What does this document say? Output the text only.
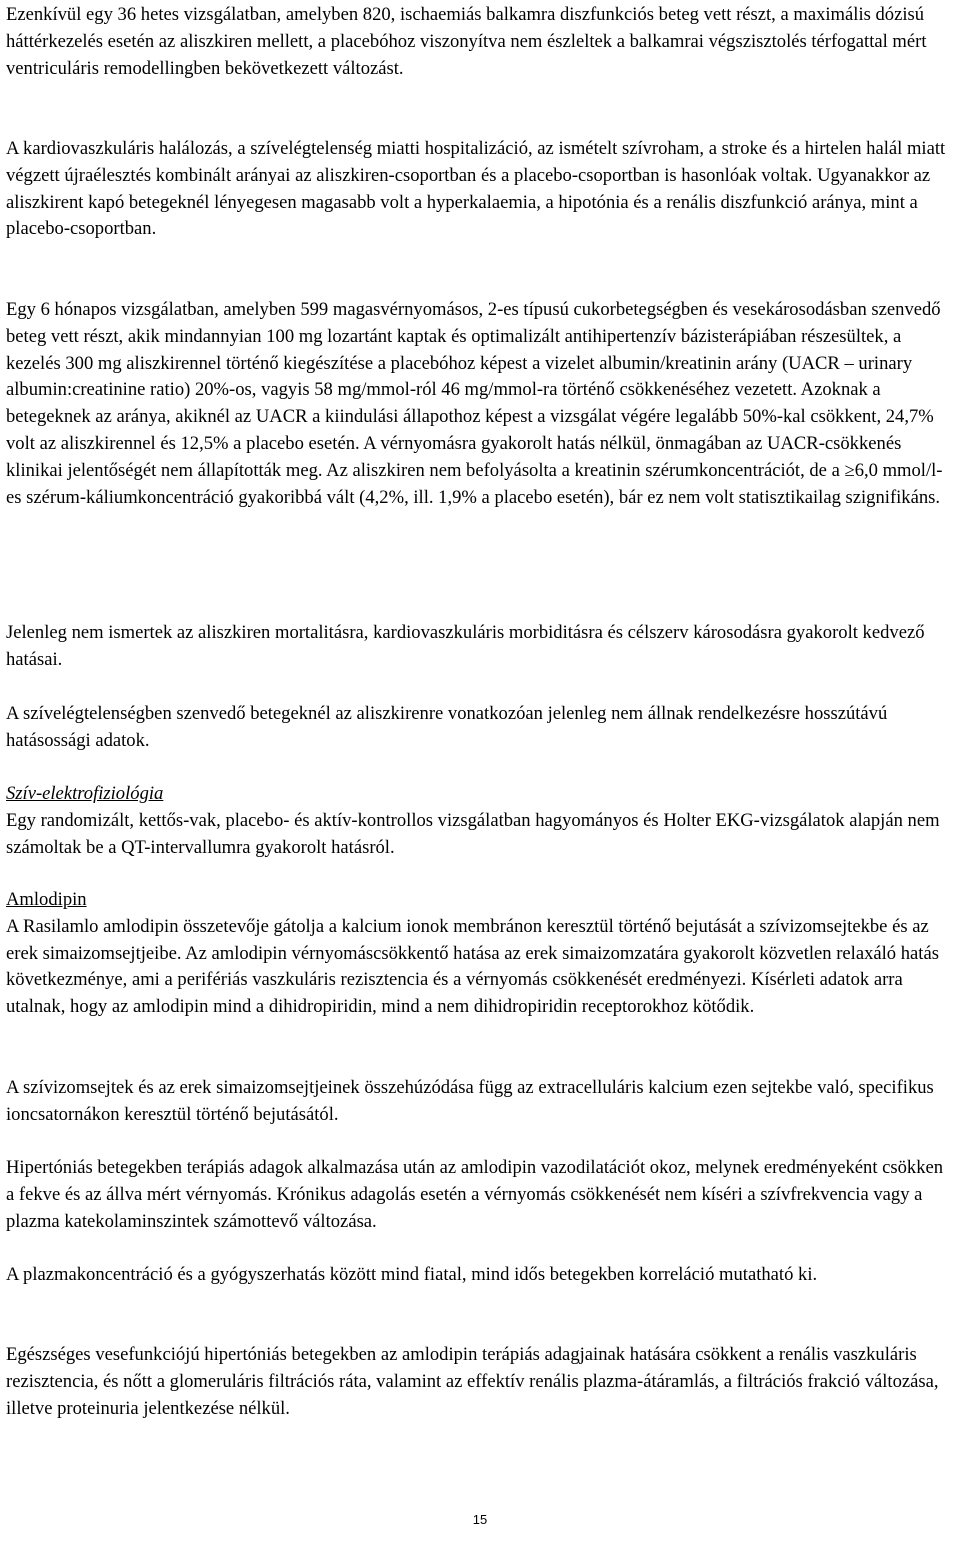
Ezenkívül egy 36 hetes vizsgálatban, amelyben 820, ischaemiás balkamra diszfunkciós beteg vett részt, a maximális dózisú háttérkezelés esetén az aliszkiren mellett, a placebóhoz viszonyítva nem észleltek a balkamrai végszisztolés térfogattal mért ventriculáris remodellingben bekövetkezett változást.

A kardiovaszkuláris halálozás, a szívelégtelenség miatti hospitalizáció, az ismételt szívroham, a stroke és a hirtelen halál miatt végzett újraélesztés kombinált arányai az aliszkiren-csoportban és a placebo-csoportban is hasonlóak voltak. Ugyanakkor az aliszkirent kapó betegeknél lényegesen magasabb volt a hyperkalaemia, a hipotónia és a renális diszfunkció aránya, mint a placebo-csoportban.

Egy 6 hónapos vizsgálatban, amelyben 599 magasvérnyomásos, 2-es típusú cukorbetegségben és vesekárosodásban szenvedő beteg vett részt, akik mindannyian 100 mg lozartánt kaptak és optimalizált antihipertenzív bázisterápiában részesültek, a kezelés 300 mg aliszkirennel történő kiegészítése a placebóhoz képest a vizelet albumin/kreatinin arány (UACR – urinary albumin:creatinine ratio) 20%-os, vagyis 58 mg/mmol-ról 46 mg/mmol-ra történő csökkenéséhez vezetett. Azoknak a betegeknek az aránya, akiknél az UACR a kiindulási állapothoz képest a vizsgálat végére legalább 50%-kal csökkent, 24,7% volt az aliszkirennel és 12,5% a placebo esetén. A vérnyomásra gyakorolt hatás nélkül, önmagában az UACR-csökkenés klinikai jelentőségét nem állapították meg. Az aliszkiren nem befolyásolta a kreatinin szérumkoncentrációt, de a ≥6,0 mmol/l-es szérum-káliumkoncentráció gyakoribbá vált (4,2%, ill. 1,9% a placebo esetén), bár ez nem volt statisztikailag szignifikáns.

Jelenleg nem ismertek az aliszkiren mortalitásra, kardiovaszkuláris morbiditásra és célszerv károsodásra gyakorolt kedvező hatásai.

A szívelégtelenségben szenvedő betegeknél az aliszkirenre vonatkozóan jelenleg nem állnak rendelkezésre hosszútávú hatásossági adatok.

Szív-elektrofiziológia
Egy randomizált, kettős-vak, placebo- és aktív-kontrollos vizsgálatban hagyományos és Holter EKG-vizsgálatok alapján nem számoltak be a QT-intervallumra gyakorolt hatásról.
Amlodipin
A Rasilamlo amlodipin összetevője gátolja a kalcium ionok membránon keresztül történő bejutását a szívizomsejtekbe és az erek simaizomsejtjeibe. Az amlodipin vérnyomáscsökkentő hatása az erek simaizomzatára gyakorolt közvetlen relaxáló hatás következménye, ami a perifériás vaszkuláris rezisztencia és a vérnyomás csökkenését eredményezi. Kísérleti adatok arra utalnak, hogy az amlodipin mind a dihidropiridin, mind a nem dihidropiridin receptorokhoz kötődik.

A szívizomsejtek és az erek simaizomsejtjeinek összehúzódása függ az extracelluláris kalcium ezen sejtekbe való, specifikus ioncsatornákon keresztül történő bejutásától.

Hipertóniás betegekben terápiás adagok alkalmazása után az amlodipin vazodilatációt okoz, melynek eredményeként csökken a fekve és az állva mért vérnyomás. Krónikus adagolás esetén a vérnyomás csökkenését nem kíséri a szívfrekvencia vagy a plazma katekolaminszintek számottevő változása.

A plazmakoncentráció és a gyógyszerhatás között mind fiatal, mind idős betegekben korreláció mutatható ki.

Egészséges vesefunkciójú hipertóniás betegekben az amlodipin terápiás adagjainak hatására csökkent a renális vaszkuláris rezisztencia, és nőtt a glomeruláris filtrációs ráta, valamint az effektív renális plazma-átáramlás, a filtrációs frakció változása, illetve proteinuria jelentkezése nélkül.

15
